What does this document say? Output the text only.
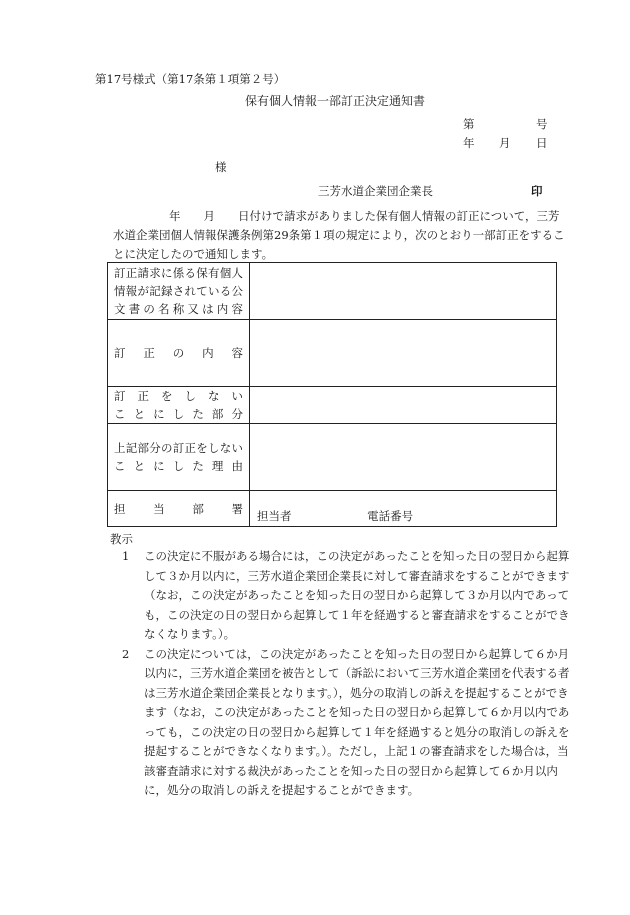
第17号様式（第17条第１項第２号）
保有個人情報一部訂正決定通知書
第	号
年 月 日
様
三芳水道企業団企業長	印
年　　月　　日付けで請求がありました保有個人情報の訂正について，三芳
水道企業団個人情報保護条例第29条第１項の規定により，次のとおり一部訂正をするこ
とに決定したので通知します。
訂正請求に係る保有個人
情報が記録されている公
文書の名称又は内容	

訂正の内容	

訂正をしない
ことにした部分	

上記部分の訂正をしない
ことにした理由	

担当部署	担当者 電話番号
教示
1	この決定に不服がある場合には，この決定があったことを知った日の翌日から起算して３か月以内に，三芳水道企業団企業長に対して審査請求をすることができます（なお，この決定があったことを知った日の翌日から起算して３か月以内であっても，この決定の日の翌日から起算して１年を経過すると審査請求をすることができなくなります。）。
2	この決定については，この決定があったことを知った日の翌日から起算して６か月以内に，三芳水道企業団を被告として（訴訟において三芳水道企業団を代表する者は三芳水道企業団企業長となります。），処分の取消しの訴えを提起することができます（なお，この決定があったことを知った日の翌日から起算して６か月以内であっても，この決定の日の翌日から起算して１年を経過すると処分の取消しの訴えを提起することができなくなります。）。ただし，上記１の審査請求をした場合は，当該審査請求に対する裁決があったことを知った日の翌日から起算して６か月以内に，処分の取消しの訴えを提起することができます。
